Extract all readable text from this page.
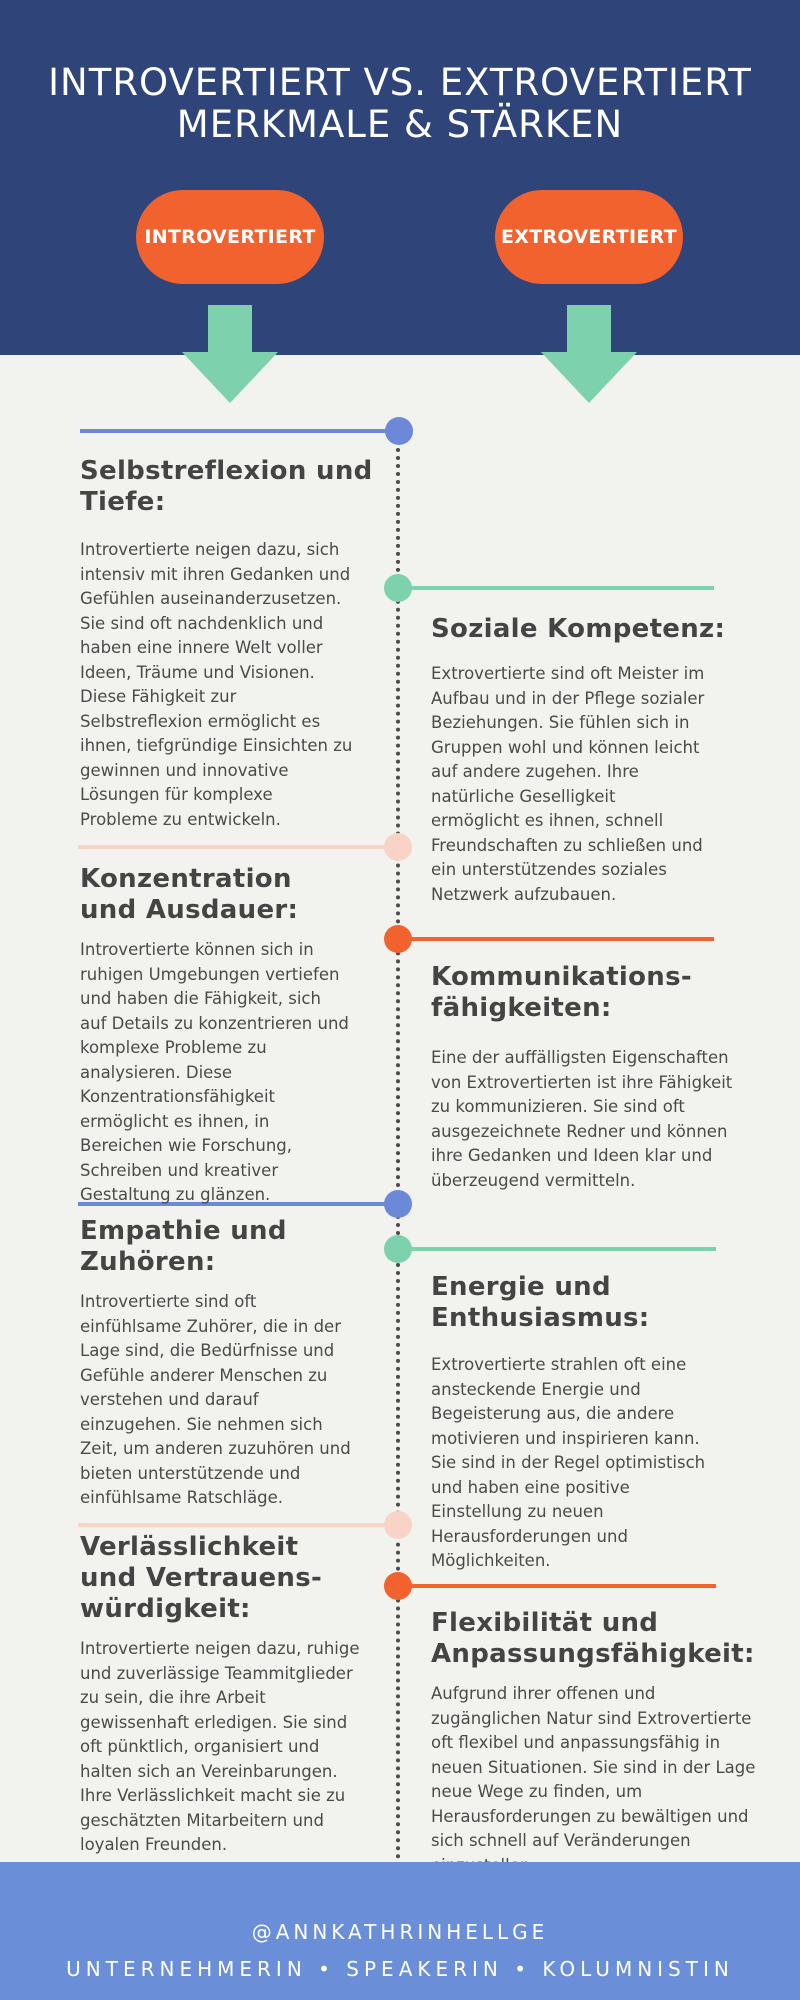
INTROVERTIERT VS. EXTROVERTIERT
MERKMALE & STÄRKEN
INTROVERTIERT	EXTROVERTIERT
Selbstreflexion und
Tiefe:
Introvertierte neigen dazu, sich
intensiv mit ihren Gedanken und
Gefühlen auseinanderzusetzen.
Sie sind oft nachdenklich und
haben eine innere Welt voller
Ideen, Träume und Visionen.
Diese Fähigkeit zur
Selbstreflexion ermöglicht es
ihnen, tiefgründige Einsichten zu
gewinnen und innovative
Lösungen für komplexe
Probleme zu entwickeln.
Konzentration
und Ausdauer:
Introvertierte können sich in
ruhigen Umgebungen vertiefen
und haben die Fähigkeit, sich
auf Details zu konzentrieren und
komplexe Probleme zu
analysieren. Diese
Konzentrationsfähigkeit
ermöglicht es ihnen, in
Bereichen wie Forschung,
Schreiben und kreativer
Gestaltung zu glänzen.
Empathie und
Zuhören:
Introvertierte sind oft
einfühlsame Zuhörer, die in der
Lage sind, die Bedürfnisse und
Gefühle anderer Menschen zu
verstehen und darauf
einzugehen. Sie nehmen sich
Zeit, um anderen zuzuhören und
bieten unterstützende und
einfühlsame Ratschläge.
Verlässlichkeit
und Vertrauens-
würdigkeit:
Introvertierte neigen dazu, ruhige
und zuverlässige Teammitglieder
zu sein, die ihre Arbeit
gewissenhaft erledigen. Sie sind
oft pünktlich, organisiert und
halten sich an Vereinbarungen.
Ihre Verlässlichkeit macht sie zu
geschätzten Mitarbeitern und
loyalen Freunden.
Soziale Kompetenz:
Extrovertierte sind oft Meister im
Aufbau und in der Pflege sozialer
Beziehungen. Sie fühlen sich in
Gruppen wohl und können leicht
auf andere zugehen. Ihre
natürliche Geselligkeit
ermöglicht es ihnen, schnell
Freundschaften zu schließen und
ein unterstützendes soziales
Netzwerk aufzubauen.
Kommunikations-
fähigkeiten:
Eine der auffälligsten Eigenschaften
von Extrovertierten ist ihre Fähigkeit
zu kommunizieren. Sie sind oft
ausgezeichnete Redner und können
ihre Gedanken und Ideen klar und
überzeugend vermitteln.
Energie und
Enthusiasmus:
Extrovertierte strahlen oft eine
ansteckende Energie und
Begeisterung aus, die andere
motivieren und inspirieren kann.
Sie sind in der Regel optimistisch
und haben eine positive
Einstellung zu neuen
Herausforderungen und
Möglichkeiten.
Flexibilität und
Anpassungsfähigkeit:
Aufgrund ihrer offenen und
zugänglichen Natur sind Extrovertierte
oft flexibel und anpassungsfähig in
neuen Situationen. Sie sind in der Lage
neue Wege zu finden, um
Herausforderungen zu bewältigen und
sich schnell auf Veränderungen
@ANNKATHRINHELLGE
UNTERNEHMERIN • SPEAKERIN • KOLUMNISTIN
